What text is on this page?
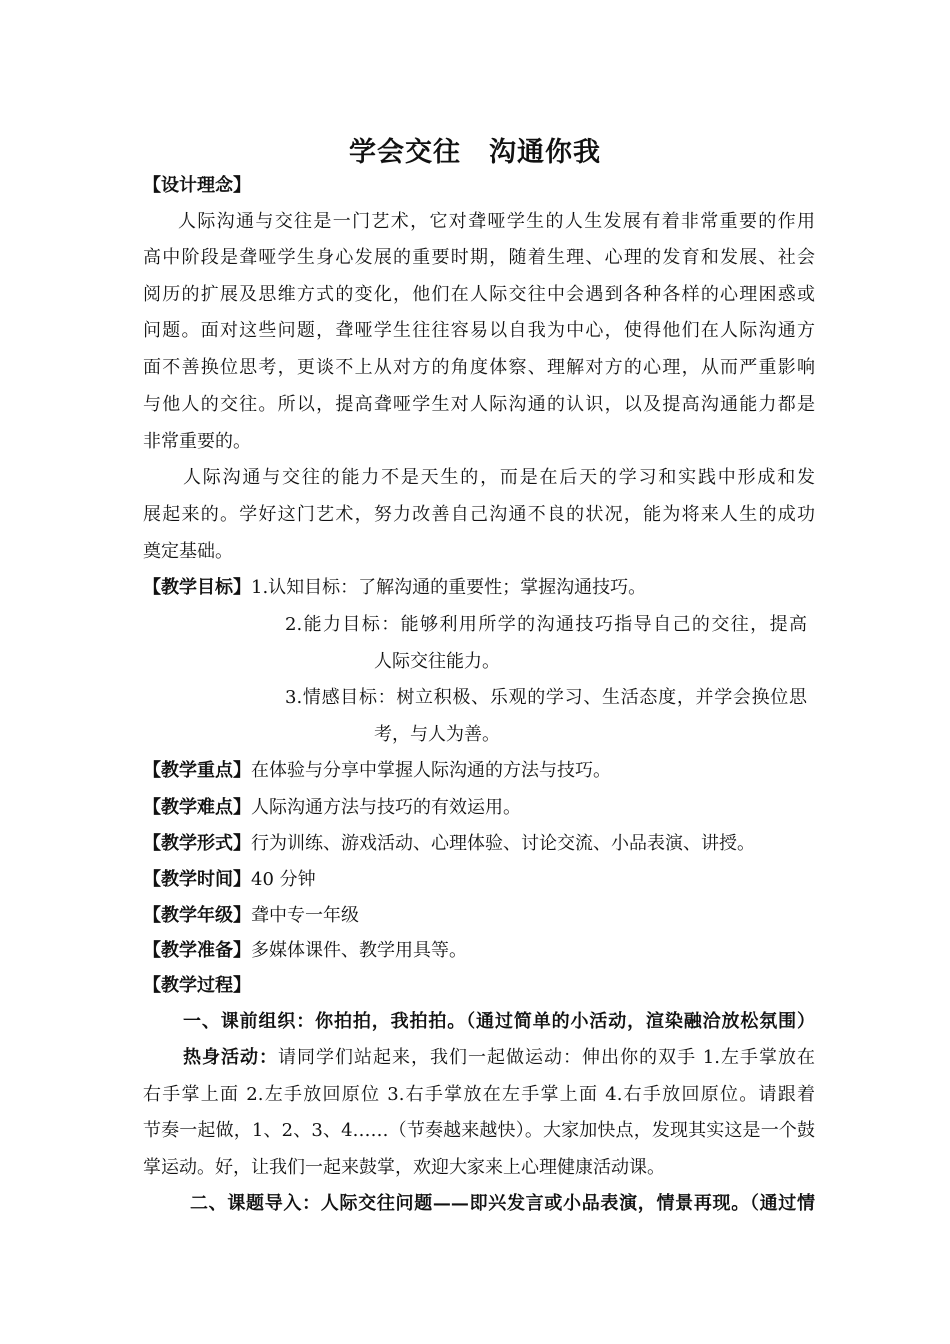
学会交往　沟通你我
【设计理念】
人际沟通与交往是一门艺术，它对聋哑学生的人生发展有着非常重要的作用
高中阶段是聋哑学生身心发展的重要时期，随着生理、心理的发育和发展、社会
阅历的扩展及思维方式的变化，他们在人际交往中会遇到各种各样的心理困惑或
问题。面对这些问题，聋哑学生往往容易以自我为中心，使得他们在人际沟通方
面不善换位思考，更谈不上从对方的角度体察、理解对方的心理，从而严重影响
与他人的交往。所以，提高聋哑学生对人际沟通的认识，以及提高沟通能力都是
非常重要的。
人际沟通与交往的能力不是天生的，而是在后天的学习和实践中形成和发
展起来的。学好这门艺术，努力改善自己沟通不良的状况，能为将来人生的成功
奠定基础。
【教学目标】1.认知目标：了解沟通的重要性；掌握沟通技巧。
2.能力目标：能够利用所学的沟通技巧指导自己的交往，提高
人际交往能力。
3.情感目标：树立积极、乐观的学习、生活态度，并学会换位思
考，与人为善。
【教学重点】在体验与分享中掌握人际沟通的方法与技巧。
【教学难点】人际沟通方法与技巧的有效运用。
【教学形式】行为训练、游戏活动、心理体验、讨论交流、小品表演、讲授。
【教学时间】40 分钟
【教学年级】聋中专一年级
【教学准备】多媒体课件、教学用具等。
【教学过程】
一、课前组织：你拍拍，我拍拍。（通过简单的小活动，渲染融洽放松氛围）
热身活动：请同学们站起来，我们一起做运动：伸出你的双手 1.左手掌放在
右手掌上面 2.左手放回原位 3.右手掌放在左手掌上面 4.右手放回原位。请跟着
节奏一起做，1、2、3、4……（节奏越来越快）。大家加快点，发现其实这是一个鼓
掌运动。好，让我们一起来鼓掌，欢迎大家来上心理健康活动课。
二、课题导入：人际交往问题——即兴发言或小品表演，情景再现。（通过情
